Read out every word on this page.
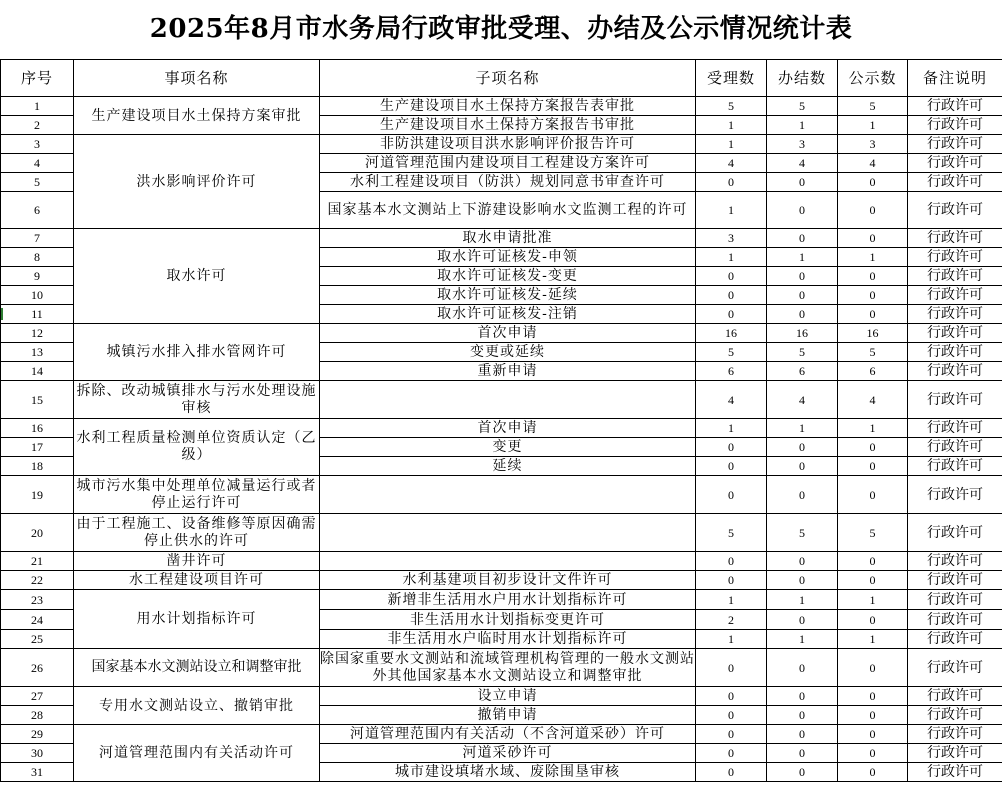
2025年8月市水务局行政审批受理、办结及公示情况统计表
序号	事项名称	子项名称	受理数	办结数	公示数	备注说明
1	生产建设项目水土保持方案审批	生产建设项目水土保持方案报告表审批	5	5	5	行政许可
2		生产建设项目水土保持方案报告书审批	1	1	1	行政许可
3	洪水影响评价许可	非防洪建设项目洪水影响评价报告许可	1	3	3	行政许可
4		河道管理范围内建设项目工程建设方案许可	4	4	4	行政许可
5		水利工程建设项目（防洪）规划同意书审查许可	0	0	0	行政许可
6		国家基本水文测站上下游建设影响水文监测工程的许可	1	0	0	行政许可
7	取水许可	取水申请批准	3	0	0	行政许可
8		取水许可证核发-申领	1	1	1	行政许可
9		取水许可证核发-变更	0	0	0	行政许可
10		取水许可证核发-延续	0	0	0	行政许可
11		取水许可证核发-注销	0	0	0	行政许可
12	城镇污水排入排水管网许可	首次申请	16	16	16	行政许可
13		变更或延续	5	5	5	行政许可
14		重新申请	6	6	6	行政许可
15	拆除、改动城镇排水与污水处理设施审核		4	4	4	行政许可
16	水利工程质量检测单位资质认定（乙级）	首次申请	1	1	1	行政许可
17		变更	0	0	0	行政许可
18		延续	0	0	0	行政许可
19	城市污水集中处理单位减量运行或者停止运行许可		0	0	0	行政许可
20	由于工程施工、设备维修等原因确需停止供水的许可		5	5	5	行政许可
21	凿井许可		0	0	0	行政许可
22	水工程建设项目许可	水利基建项目初步设计文件许可	0	0	0	行政许可
23	用水计划指标许可	新增非生活用水户用水计划指标许可	1	1	1	行政许可
24		非生活用水计划指标变更许可	2	0	0	行政许可
25		非生活用水户临时用水计划指标许可	1	1	1	行政许可
26	国家基本水文测站设立和调整审批	除国家重要水文测站和流域管理机构管理的一般水文测站外其他国家基本水文测站设立和调整审批	0	0	0	行政许可
27	专用水文测站设立、撤销审批	设立申请	0	0	0	行政许可
28		撤销申请	0	0	0	行政许可
29	河道管理范围内有关活动许可	河道管理范围内有关活动（不含河道采砂）许可	0	0	0	行政许可
30		河道采砂许可	0	0	0	行政许可
31		城市建设填堵水域、废除围垦审核	0	0	0	行政许可
